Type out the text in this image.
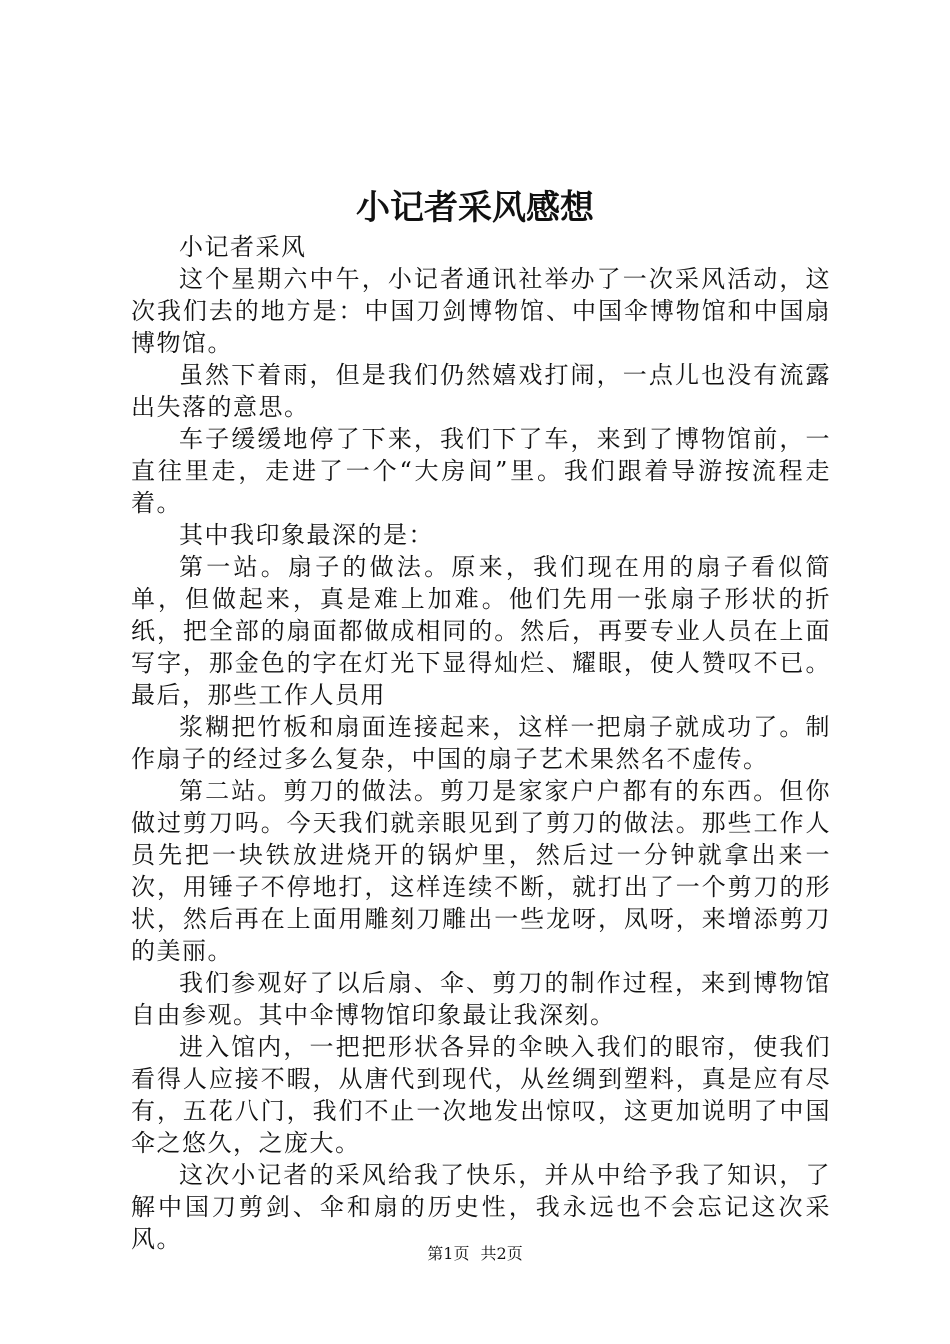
小记者采风感想

小记者采风

这个星期六中午，小记者通讯社举办了一次采风活动，这次我们去的地方是：中国刀剑博物馆、中国伞博物馆和中国扇博物馆。

虽然下着雨，但是我们仍然嬉戏打闹，一点儿也没有流露出失落的意思。

车子缓缓地停了下来，我们下了车，来到了博物馆前，一直往里走，走进了一个“大房间”里。我们跟着导游按流程走着。

其中我印象最深的是：

第一站。扇子的做法。原来，我们现在用的扇子看似简单，但做起来，真是难上加难。他们先用一张扇子形状的折纸，把全部的扇面都做成相同的。然后，再要专业人员在上面写字，那金色的字在灯光下显得灿烂、耀眼，使人赞叹不已。最后，那些工作人员用

浆糊把竹板和扇面连接起来，这样一把扇子就成功了。制作扇子的经过多么复杂，中国的扇子艺术果然名不虚传。

第二站。剪刀的做法。剪刀是家家户户都有的东西。但你做过剪刀吗。今天我们就亲眼见到了剪刀的做法。那些工作人员先把一块铁放进烧开的锅炉里，然后过一分钟就拿出来一次，用锤子不停地打，这样连续不断，就打出了一个剪刀的形状，然后再在上面用雕刻刀雕出一些龙呀，凤呀，来增添剪刀的美丽。

我们参观好了以后扇、伞、剪刀的制作过程，来到博物馆自由参观。其中伞博物馆印象最让我深刻。

进入馆内，一把把形状各异的伞映入我们的眼帘，使我们看得人应接不暇，从唐代到现代，从丝绸到塑料，真是应有尽有，五花八门，我们不止一次地发出惊叹，这更加说明了中国伞之悠久，之庞大。

这次小记者的采风给我了快乐，并从中给予我了知识，了解中国刀剪剑、伞和扇的历史性，我永远也不会忘记这次采风。

第1页 共2页
